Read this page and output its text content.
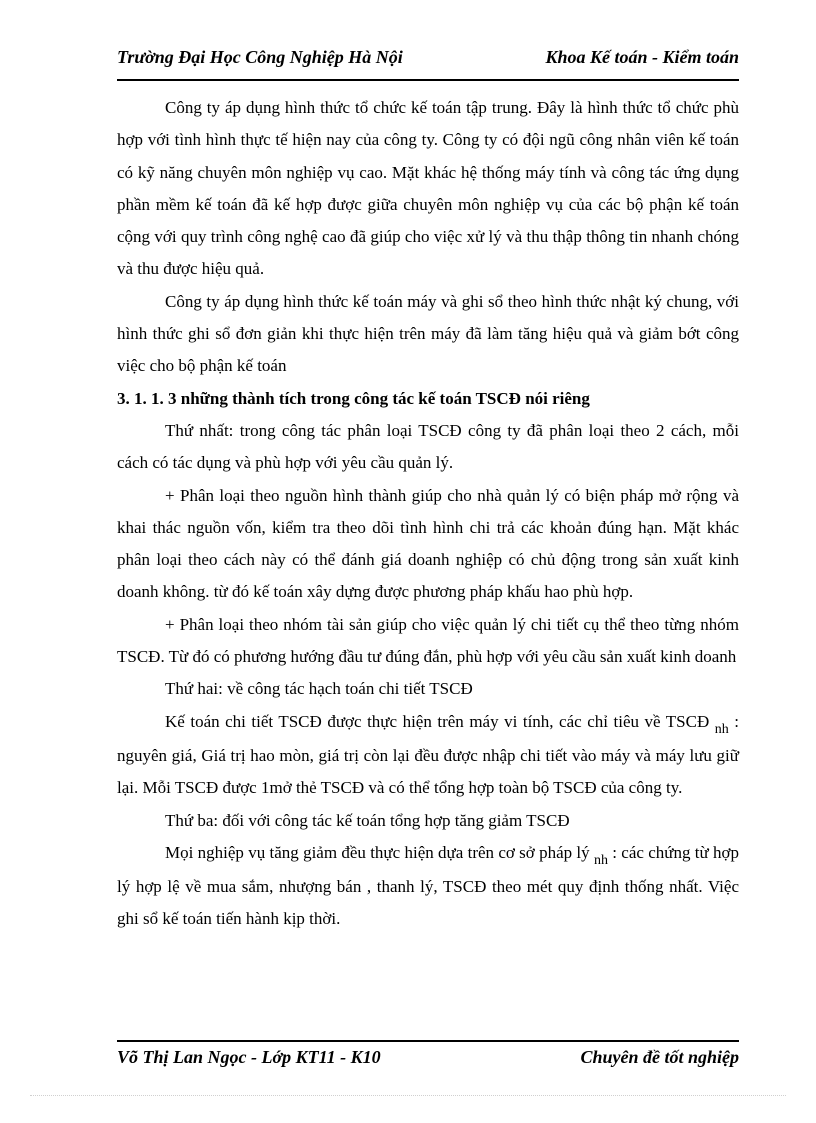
Trường Đại Học Công Nghiệp Hà Nội	Khoa Kế toán - Kiểm toán

Công ty áp dụng hình thức tổ chức kế toán tập trung. Đây là hình thức tổ chức phù hợp với tình hình thực tế hiện nay của công ty. Công ty có đội ngũ công nhân viên kế toán có kỹ năng chuyên môn nghiệp vụ cao. Mặt khác hệ thống máy tính và công tác ứng dụng phần mềm kế toán đã kế hợp được giữa chuyên môn nghiệp vụ của các bộ phận kế toán cộng với quy trình công nghệ cao đã giúp cho việc xử lý và thu thập thông tin nhanh chóng và thu được hiệu quả.

Công ty áp dụng hình thức kế toán máy và ghi sổ theo hình thức nhật ký chung, với hình thức ghi sổ đơn giản khi thực hiện trên máy đã làm tăng hiệu quả và giảm bớt công việc cho bộ phận kế toán

3. 1. 1. 3 những thành tích trong công tác kế toán TSCĐ nói riêng

Thứ nhất: trong công tác phân loại TSCĐ công ty đã phân loại theo 2 cách, mỗi cách có tác dụng và phù hợp với yêu cầu quản lý.

+ Phân loại theo nguồn hình thành giúp cho nhà quản lý có biện pháp mở rộng và khai thác nguồn vốn, kiểm tra theo dõi tình hình chi trả các khoản đúng hạn. Mặt khác phân loại theo cách này có thể đánh giá doanh nghiệp có chủ động trong sản xuất kinh doanh không. từ đó kế toán xây dựng được phương pháp khấu hao phù hợp.

+ Phân loại theo nhóm tài sản giúp cho việc quản lý chi tiết cụ thể theo từng nhóm TSCĐ. Từ đó có phương hướng đầu tư đúng đắn, phù hợp với yêu cầu sản xuất kinh doanh

Thứ hai: về công tác hạch toán chi tiết TSCĐ

Kế toán chi tiết TSCĐ được thực hiện trên máy vi tính, các chỉ tiêu về TSCĐ $_{nh}$ : nguyên giá, Giá trị hao mòn, giá trị còn lại đều được nhập chi tiết vào máy và máy lưu giữ lại. Mỗi TSCĐ được 1mở thẻ TSCĐ và có thể tổng hợp toàn bộ TSCĐ của công ty.

Thứ ba: đối với công tác kế toán tổng hợp tăng giảm TSCĐ

Mọi nghiệp vụ tăng giảm đều thực hiện dựa trên cơ sở pháp lý $_{nh}$ : các chứng từ hợp lý hợp lệ về mua sắm, nhượng bán , thanh lý, TSCĐ theo mét quy định thống nhất. Việc ghi sổ kế toán tiến hành kịp thời.

Võ Thị Lan Ngọc - Lớp KT11 - K10	Chuyên đề tốt nghiệp
